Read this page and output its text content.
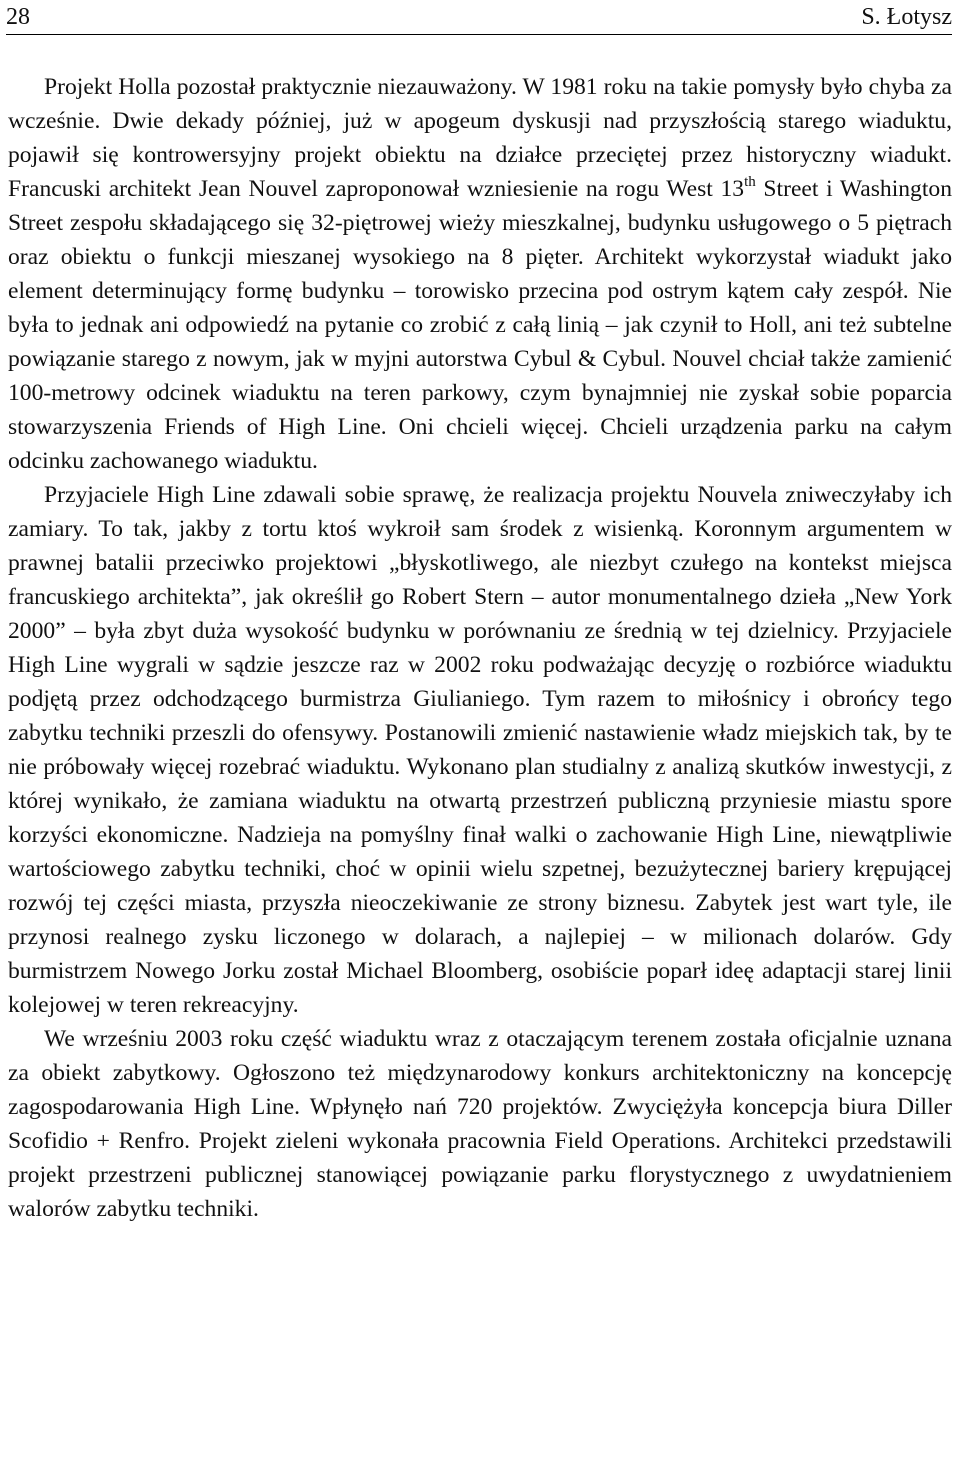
28	S. Łotysz

Projekt Holla pozostał praktycznie niezauważony. W 1981 roku na takie pomysły było chyba za wcześnie. Dwie dekady później, już w apogeum dyskusji nad przyszłością starego wiaduktu, pojawił się kontrowersyjny projekt obiektu na działce przeciętej przez historyczny wiadukt. Francuski architekt Jean Nouvel zaproponował wzniesienie na rogu West 13th Street i Washington Street zespołu składającego się 32-piętrowej wieży mieszkalnej, budynku usługowego o 5 piętrach oraz obiektu o funkcji mieszanej wysokiego na 8 pięter. Architekt wykorzystał wiadukt jako element determinujący formę budynku – torowisko przecina pod ostrym kątem cały zespół. Nie była to jednak ani odpowiedź na pytanie co zrobić z całą linią – jak czynił to Holl, ani też subtelne powiązanie starego z nowym, jak w myjni autorstwa Cybul & Cybul. Nouvel chciał także zamienić 100-metrowy odcinek wiaduktu na teren parkowy, czym bynajmniej nie zyskał sobie poparcia stowarzyszenia Friends of High Line. Oni chcieli więcej. Chcieli urządzenia parku na całym odcinku zachowanego wiaduktu.

Przyjaciele High Line zdawali sobie sprawę, że realizacja projektu Nouvela zniweczyłaby ich zamiary. To tak, jakby z tortu ktoś wykroił sam środek z wisienką. Koronnym argumentem w prawnej batalii przeciwko projektowi „błyskotliwego, ale niezbyt czułego na kontekst miejsca francuskiego architekta”, jak określił go Robert Stern – autor monumentalnego dzieła „New York 2000” – była zbyt duża wysokość budynku w porównaniu ze średnią w tej dzielnicy. Przyjaciele High Line wygrali w sądzie jeszcze raz w 2002 roku podważając decyzję o rozbiórce wiaduktu podjętą przez odchodzącego burmistrza Giulianiego. Tym razem to miłośnicy i obrońcy tego zabytku techniki przeszli do ofensywy. Postanowili zmienić nastawienie władz miejskich tak, by te nie próbowały więcej rozebrać wiaduktu. Wykonano plan studialny z analizą skutków inwestycji, z której wynikało, że zamiana wiaduktu na otwartą przestrzeń publiczną przyniesie miastu spore korzyści ekonomiczne. Nadzieja na pomyślny finał walki o zachowanie High Line, niewątpliwie wartościowego zabytku techniki, choć w opinii wielu szpetnej, bezużytecznej bariery krępującej rozwój tej części miasta, przyszła nieoczekiwanie ze strony biznesu. Zabytek jest wart tyle, ile przynosi realnego zysku liczonego w dolarach, a najlepiej – w milionach dolarów. Gdy burmistrzem Nowego Jorku został Michael Bloomberg, osobiście poparł ideę adaptacji starej linii kolejowej w teren rekreacyjny.

We wrześniu 2003 roku część wiaduktu wraz z otaczającym terenem została oficjalnie uznana za obiekt zabytkowy. Ogłoszono też międzynarodowy konkurs architektoniczny na koncepcję zagospodarowania High Line. Wpłynęło nań 720 projektów. Zwyciężyła koncepcja biura Diller Scofidio + Renfro. Projekt zieleni wykonała pracownia Field Operations. Architekci przedstawili projekt przestrzeni publicznej stanowiącej powiązanie parku florystycznego z uwydatnieniem walorów zabytku techniki.
